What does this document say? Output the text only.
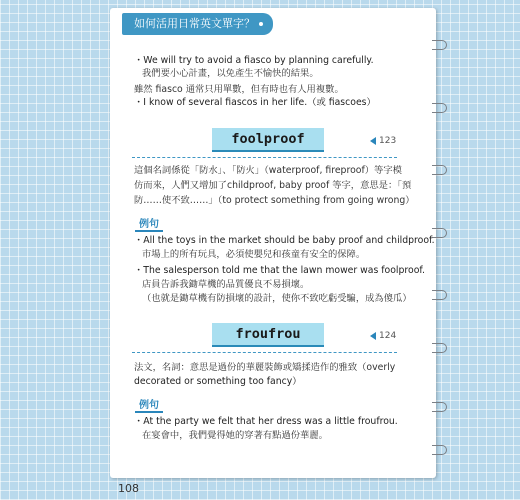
如何活用日常英文單字？
・We will try to avoid a fiasco by planning carefully.
我們要小心計畫，以免產生不愉快的結果。
雖然 fiasco 通常只用單數，但有時也有人用複數。
・I know of several fiascos in her life.（或 fiascoes）
foolproof	123
這個名詞係從「防水」、「防火」（waterproof, fireproof）等字模
仿而來，人們又增加了childproof, baby proof 等字，意思是：「預
防……使不致……」（to protect something from going wrong）
例句
・All the toys in the market should be baby proof and childproof.
市場上的所有玩具，必須使嬰兒和孩童有安全的保障。
・The salesperson told me that the lawn mower was foolproof.
店員告訴我鋤草機的品質優良不易損壞。
（也就是鋤草機有防損壞的設計，使你不致吃虧受騙，成為傻瓜）
froufrou	124
法文，名詞：意思是過份的華麗裝飾或矯揉造作的雅致（overly
decorated or something too fancy）
例句
・At the party we felt that her dress was a little froufrou.
在宴會中，我們覺得她的穿著有點過份華麗。
108
